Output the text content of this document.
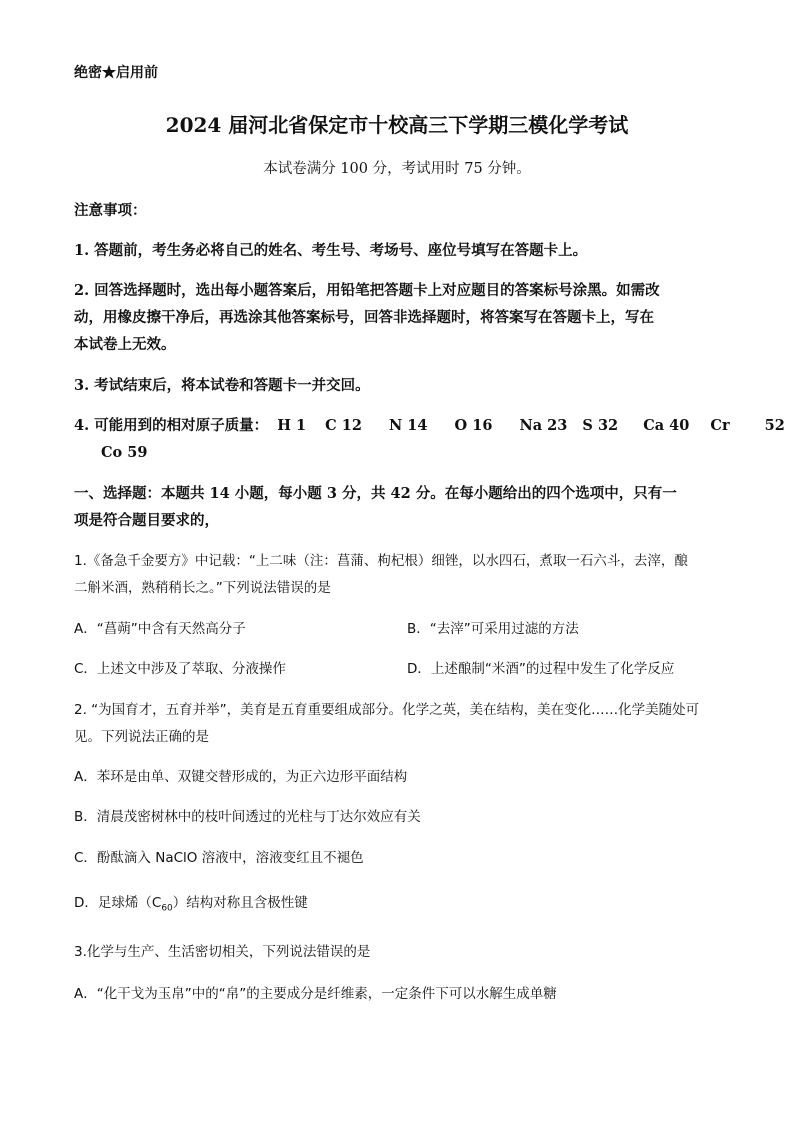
绝密★启用前
2024 届河北省保定市十校高三下学期三模化学考试
本试卷满分 100 分，考试用时 75 分钟。
注意事项：
1. 答题前，考生务必将自己的姓名、考生号、考场号、座位号填写在答题卡上。
2. 回答选择题时，选出每小题答案后，用铅笔把答题卡上对应题目的答案标号涂黑。如需改
动，用橡皮擦干净后，再选涂其他答案标号，回答非选择题时，将答案写在答题卡上，写在
本试卷上无效。
3. 考试结束后，将本试卷和答题卡一并交回。
4. 可能用到的相对原子质量： H 1 C 12 N 14 O 16 Na 23 S 32 Ca 40 Cr 52
Co 59
一、选择题：本题共 14 小题，每小题 3 分，共 42 分。在每小题给出的四个选项中，只有一
项是符合题目要求的，
1.《备急千金要方》中记载：“上二味（注：菖蒲、枸杞根）细锉，以水四石，煮取一石六斗，去滓，酿
二斛米酒，熟稍稍长之。”下列说法错误的是
A．“菖蒴”中含有天然高分子	B．“去滓”可采用过滤的方法
C．上述文中涉及了萃取、分液操作	D．上述酿制“米酒”的过程中发生了化学反应
2. “为国育才，五育并举”，美育是五育重要组成部分。化学之英，美在结构，美在变化……化学美随处可
见。下列说法正确的是
A．苯环是由单、双键交替形成的，为正六边形平面结构
B．清晨茂密树林中的枝叶间透过的光柱与丁达尔效应有关
C．酚酞滴入 NaClO 溶液中，溶液变红且不褪色
D．足球烯$(C_{60})$结构对称且含极性键
3.化学与生产、生活密切相关，下列说法错误的是
A．“化干戈为玉帛”中的“帛”的主要成分是纤维素，一定条件下可以水解生成单糖
